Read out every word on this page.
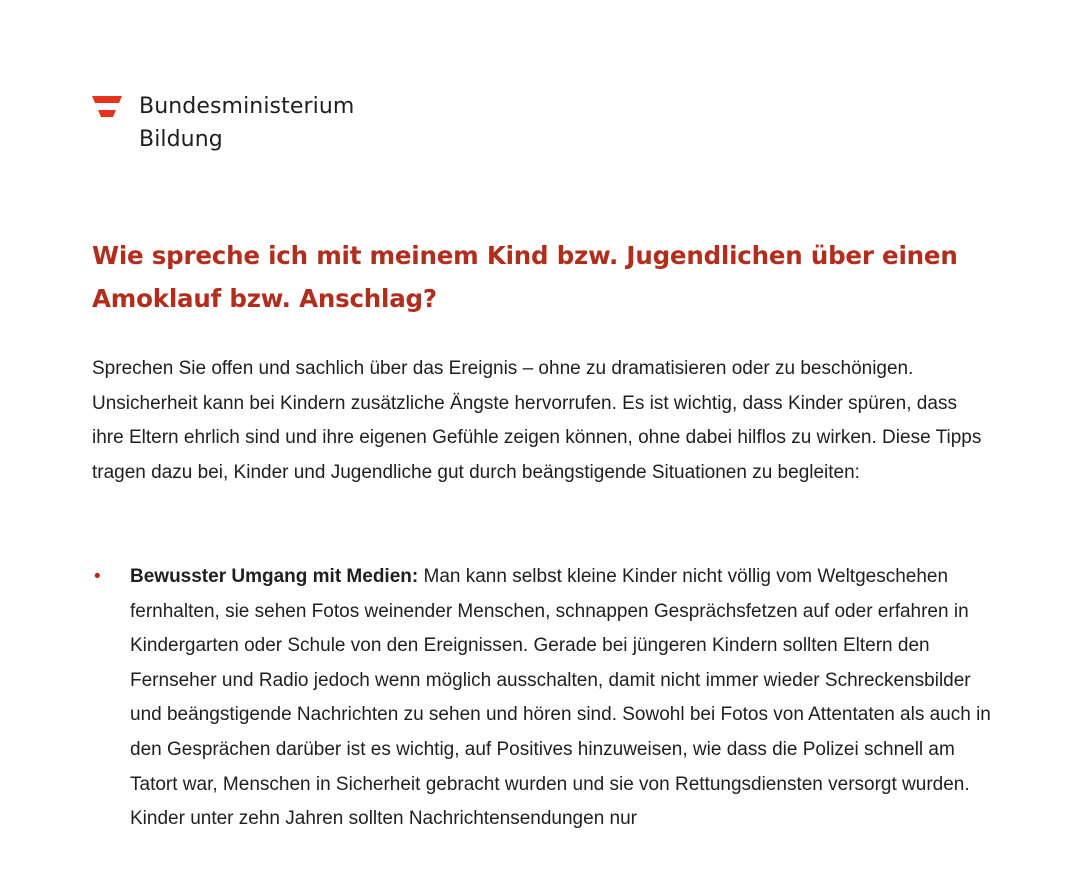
Bundesministerium
Bildung
Wie spreche ich mit meinem Kind bzw. Jugendlichen über einen Amoklauf bzw. Anschlag?

Sprechen Sie offen und sachlich über das Ereignis – ohne zu dramatisieren oder zu beschönigen. Unsicherheit kann bei Kindern zusätzliche Ängste hervorrufen. Es ist wichtig, dass Kinder spüren, dass ihre Eltern ehrlich sind und ihre eigenen Gefühle zeigen können, ohne dabei hilflos zu wirken. Diese Tipps tragen dazu bei, Kinder und Jugendliche gut durch beängstigende Situationen zu begleiten:

• Bewusster Umgang mit Medien: Man kann selbst kleine Kinder nicht völlig vom Weltgeschehen fernhalten, sie sehen Fotos weinender Menschen, schnappen Gesprächsfetzen auf oder erfahren in Kindergarten oder Schule von den Ereignissen. Gerade bei jüngeren Kindern sollten Eltern den Fernseher und Radio jedoch wenn möglich ausschalten, damit nicht immer wieder Schreckensbilder und beängstigende Nachrichten zu sehen und hören sind. Sowohl bei Fotos von Attentaten als auch in den Gesprächen darüber ist es wichtig, auf Positives hinzuweisen, wie dass die Polizei schnell am Tatort war, Menschen in Sicherheit gebracht wurden und sie von Rettungsdiensten versorgt wurden. Kinder unter zehn Jahren sollten Nachrichtensendungen nur
